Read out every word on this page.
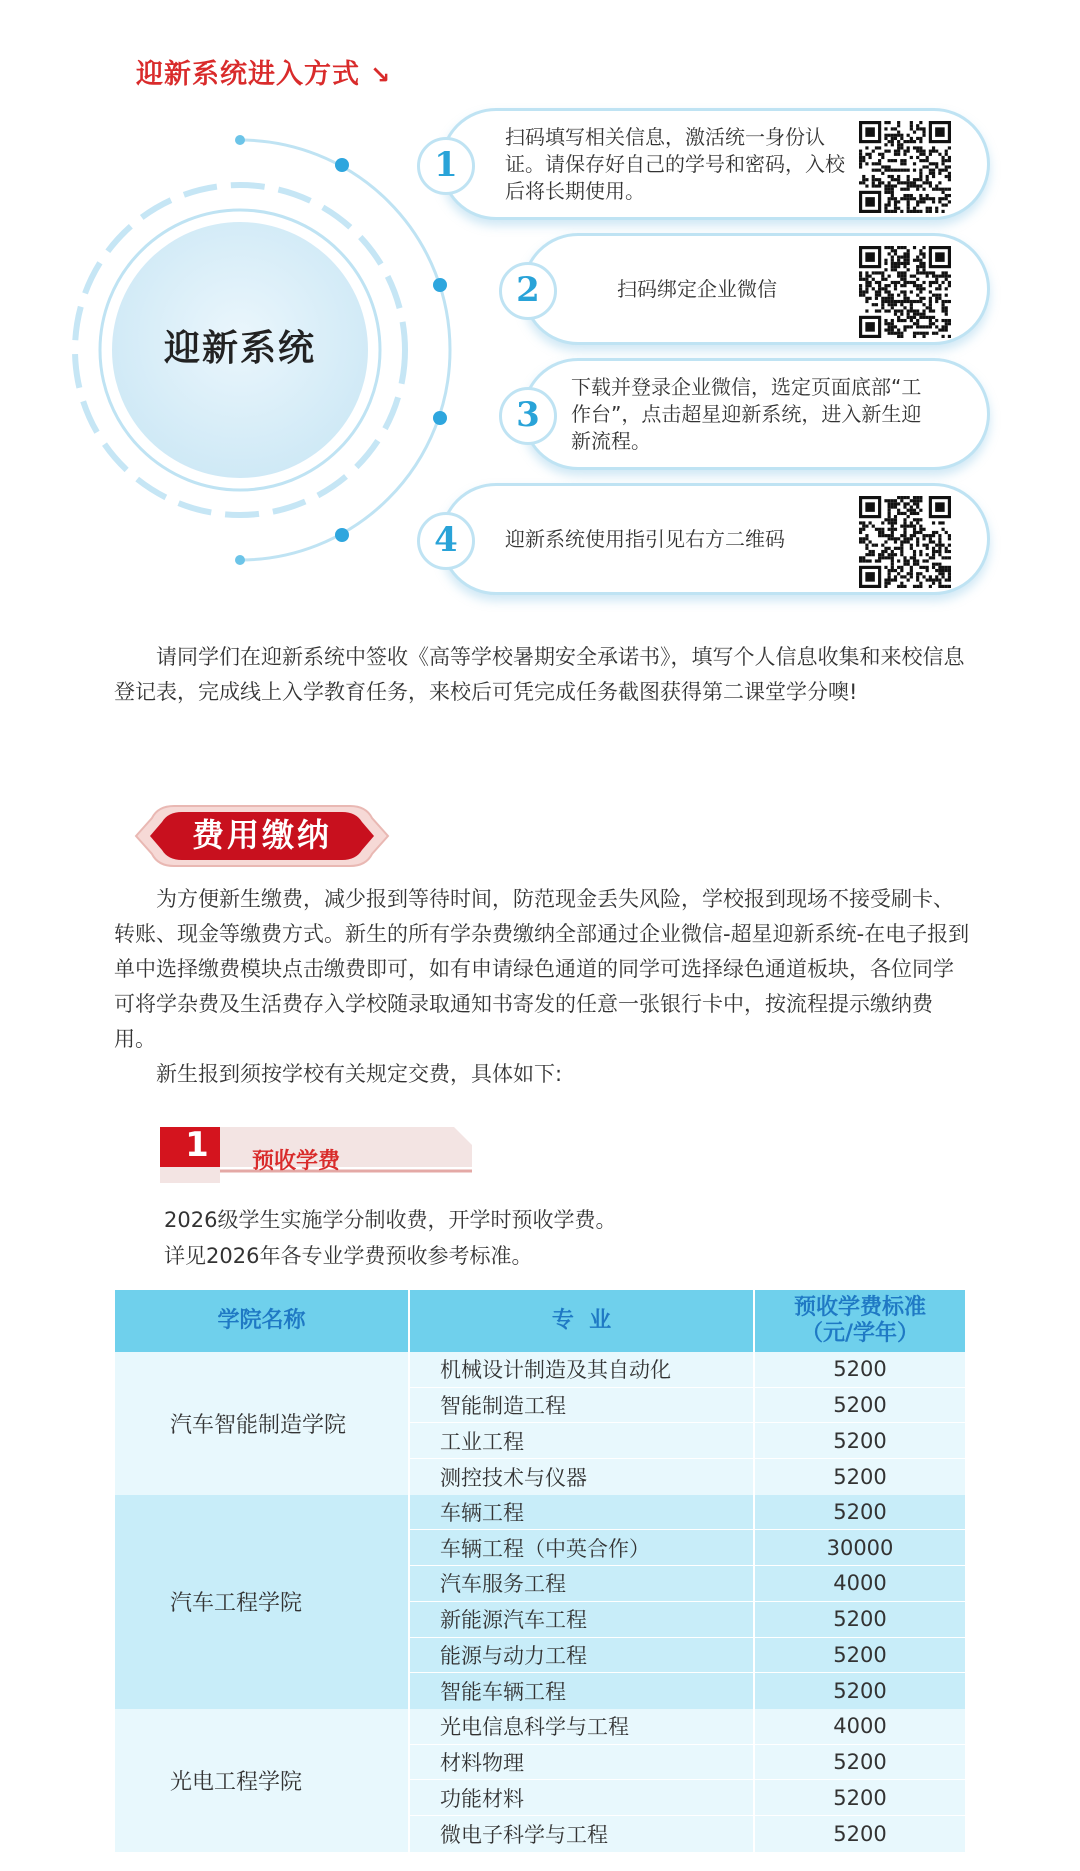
迎新系统进入方式 ↘
迎新系统
1
扫码填写相关信息，激活统一身份认证。请保存好自己的学号和密码，入校后将长期使用。
2	扫码绑定企业微信
3
下载并登录企业微信，选定页面底部“工作台”，点击超星迎新系统，进入新生迎新流程。
4	迎新系统使用指引见右方二维码

请同学们在迎新系统中签收《高等学校暑期安全承诺书》，填写个人信息收集和来校信息登记表，完成线上入学教育任务，来校后可凭完成任务截图获得第二课堂学分噢!

费用缴纳

为方便新生缴费，减少报到等待时间，防范现金丢失风险，学校报到现场不接受刷卡、转账、现金等缴费方式。新生的所有学杂费缴纳全部通过企业微信-超星迎新系统-在电子报到单中选择缴费模块点击缴费即可，如有申请绿色通道的同学可选择绿色通道板块，各位同学可将学杂费及生活费存入学校随录取通知书寄发的任意一张银行卡中，按流程提示缴纳费用。

新生报到须按学校有关规定交费，具体如下:

1 预收学费

2026级学生实施学分制收费，开学时预收学费。

详见2026年各专业学费预收参考标准。

学院名称	专  业
预收学费标准
（元/学年）
汽车智能制造学院
机械设计制造及其自动化	5200
智能制造工程	5200
工业工程	5200
测控技术与仪器	5200
汽车工程学院
车辆工程	5200
车辆工程（中英合作）	30000
汽车服务工程	4000
新能源汽车工程	5200
能源与动力工程	5200
智能车辆工程	5200
光电工程学院
光电信息科学与工程	4000
材料物理	5200
功能材料	5200
微电子科学与工程	5200
